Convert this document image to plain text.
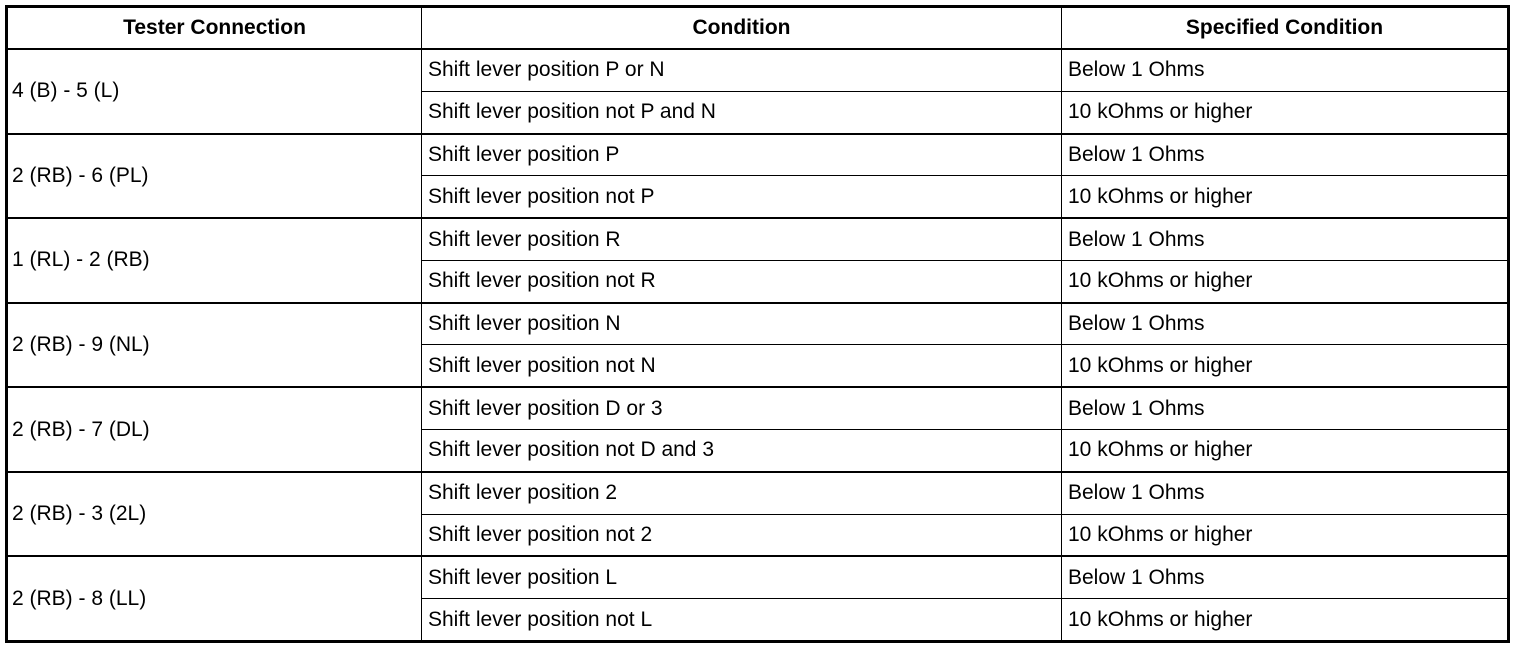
Tester Connection	Condition	Specified Condition
4 (B) - 5 (L)	Shift lever position P or N	Below 1 Ohms
	Shift lever position not P and N	10 kOhms or higher
2 (RB) - 6 (PL)	Shift lever position P	Below 1 Ohms
	Shift lever position not P	10 kOhms or higher
1 (RL) - 2 (RB)	Shift lever position R	Below 1 Ohms
	Shift lever position not R	10 kOhms or higher
2 (RB) - 9 (NL)	Shift lever position N	Below 1 Ohms
	Shift lever position not N	10 kOhms or higher
2 (RB) - 7 (DL)	Shift lever position D or 3	Below 1 Ohms
	Shift lever position not D and 3	10 kOhms or higher
2 (RB) - 3 (2L)	Shift lever position 2	Below 1 Ohms
	Shift lever position not 2	10 kOhms or higher
2 (RB) - 8 (LL)	Shift lever position L	Below 1 Ohms
	Shift lever position not L	10 kOhms or higher
